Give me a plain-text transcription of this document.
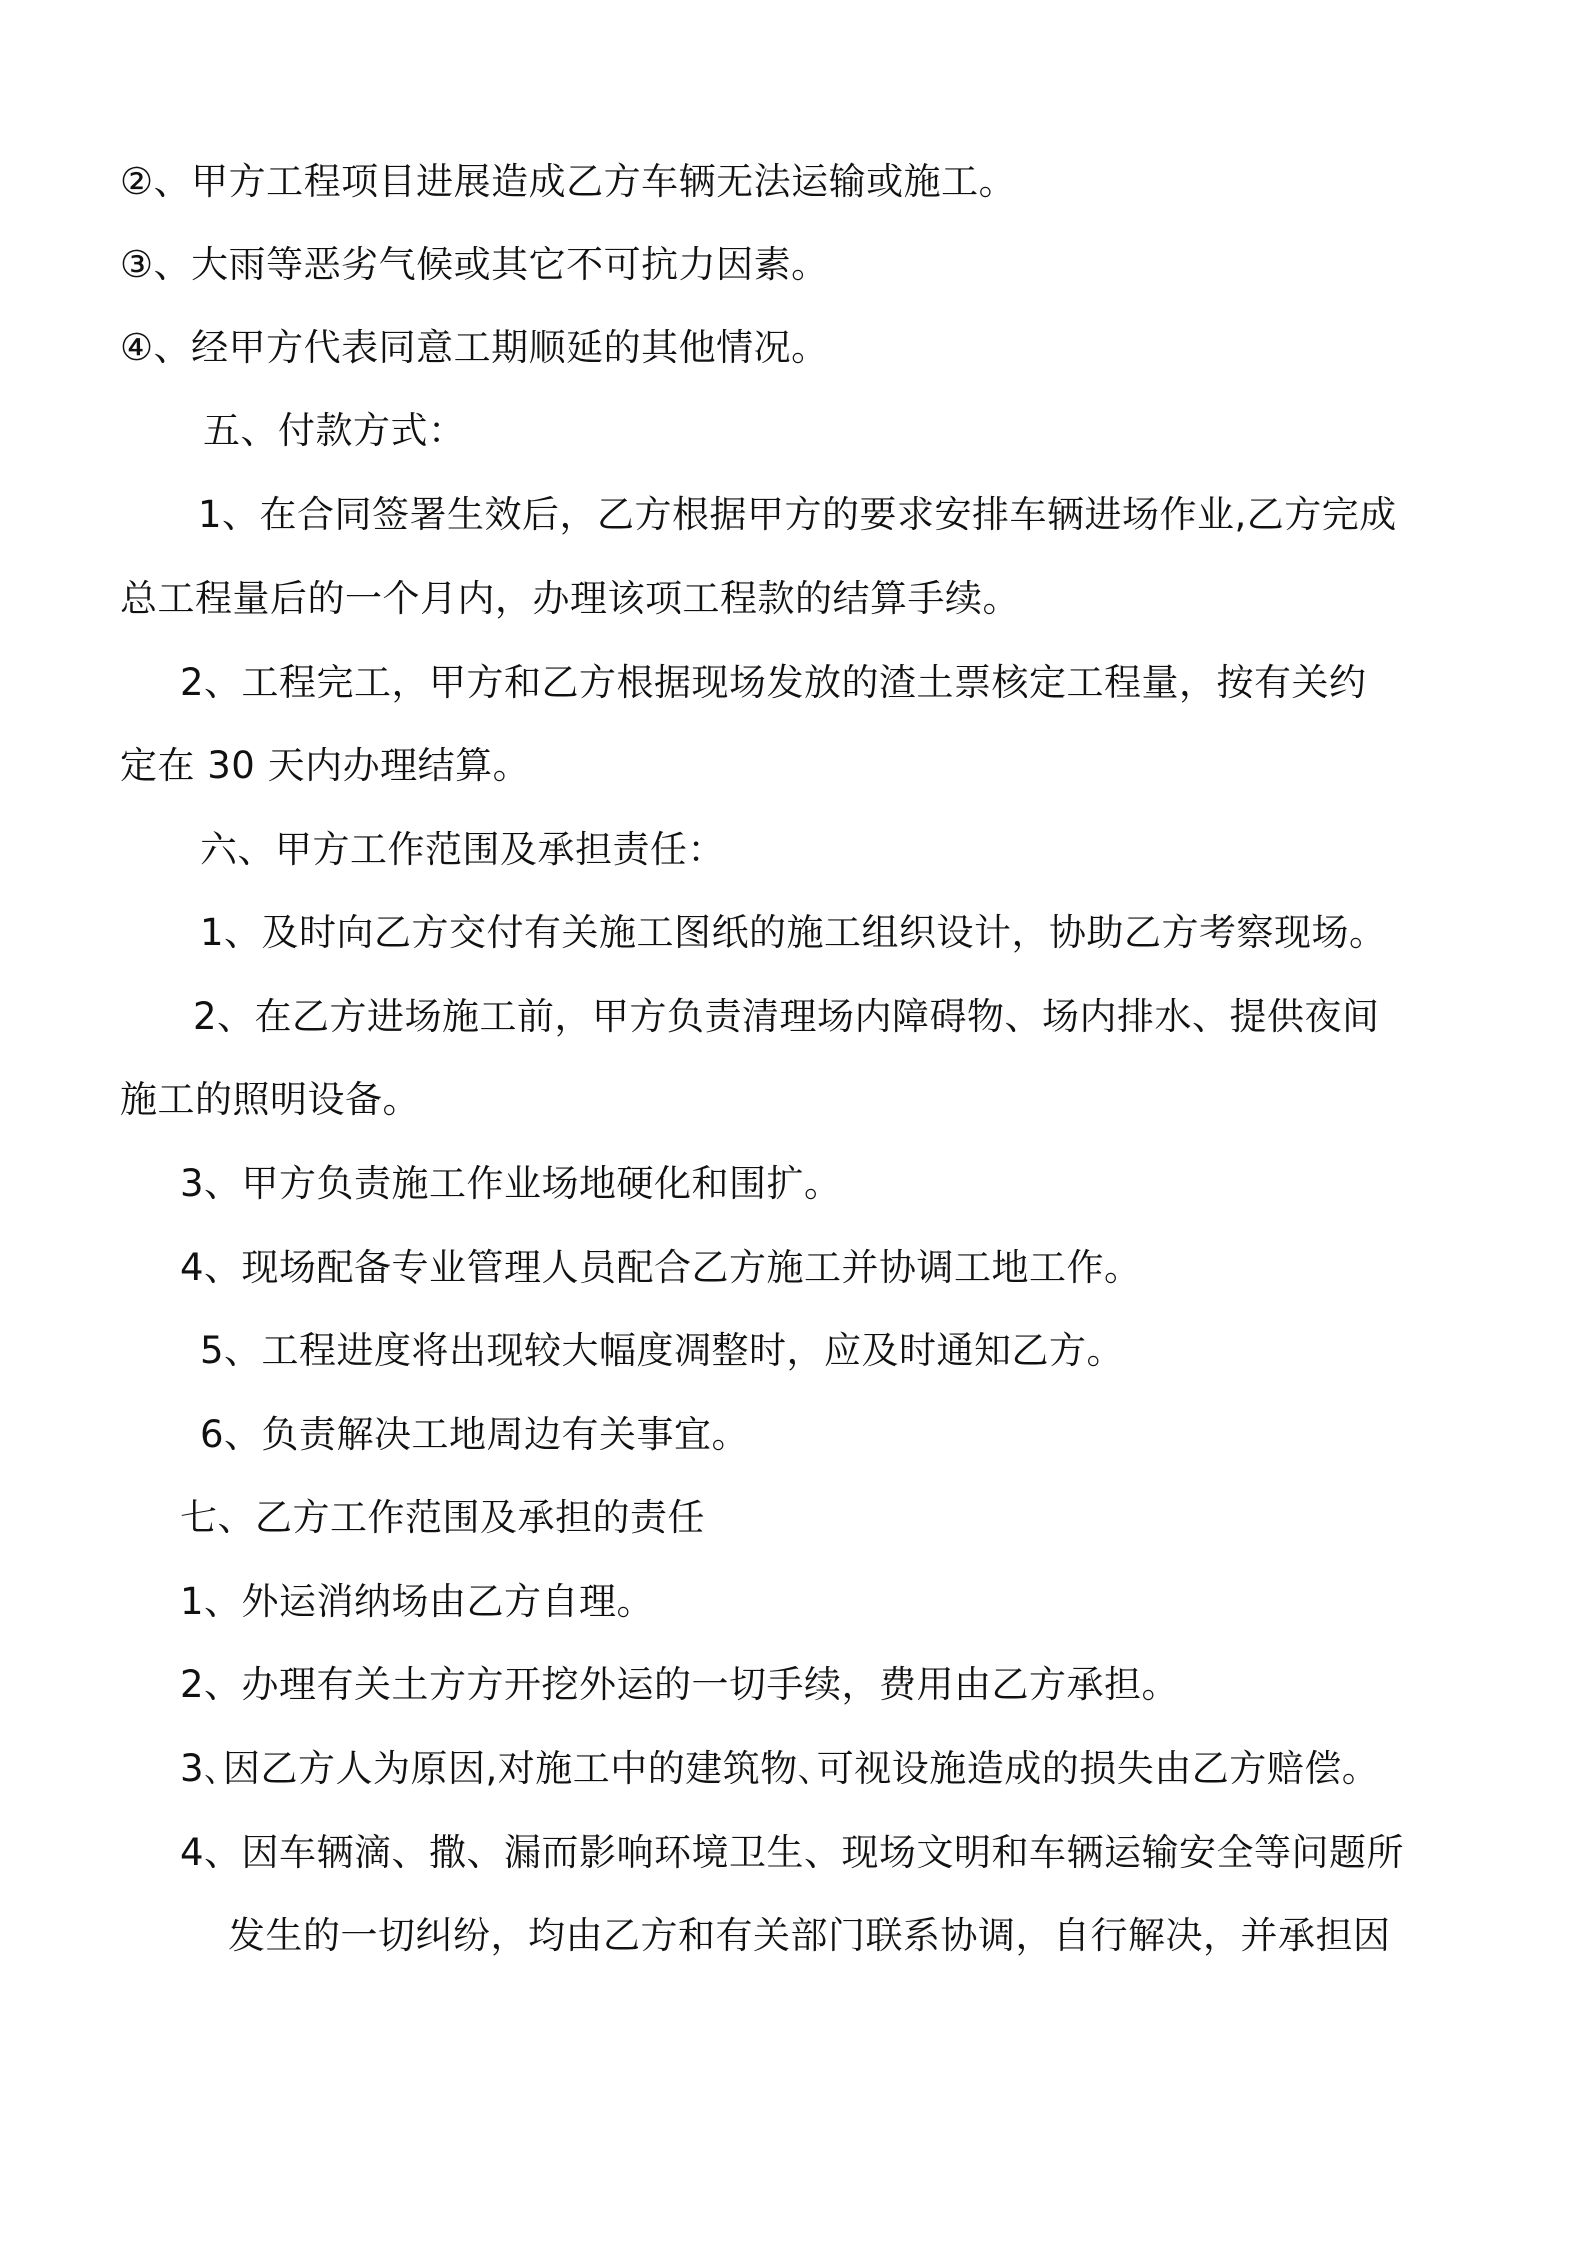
②、甲方工程项目进展造成乙方车辆无法运输或施工。
③、大雨等恶劣气候或其它不可抗力因素。
④、经甲方代表同意工期顺延的其他情况。
五、付款方式：
1、在合同签署生效后，乙方根据甲方的要求安排车辆进场作业,乙方完成
总工程量后的一个月内，办理该项工程款的结算手续。
2、工程完工，甲方和乙方根据现场发放的渣土票核定工程量，按有关约
定在 30 天内办理结算。
六、甲方工作范围及承担责任：
1、及时向乙方交付有关施工图纸的施工组织设计，协助乙方考察现场。
2、在乙方进场施工前，甲方负责清理场内障碍物、场内排水、提供夜间
施工的照明设备。
3、甲方负责施工作业场地硬化和围扩。
4、现场配备专业管理人员配合乙方施工并协调工地工作。
5、工程进度将出现较大幅度凋整时，应及时通知乙方。
6、负责解决工地周边有关事宜。
七、乙方工作范围及承担的责任
1、外运消纳场由乙方自理。
2、办理有关土方方开挖外运的一切手续，费用由乙方承担。
3､因乙方人为原因,对施工中的建筑物､可视设施造成的损失由乙方赔偿。
4、因车辆滴、撒、漏而影响环境卫生、现场文明和车辆运输安全等问题所
发生的一切纠纷，均由乙方和有关部门联系协调，自行解决，并承担因
